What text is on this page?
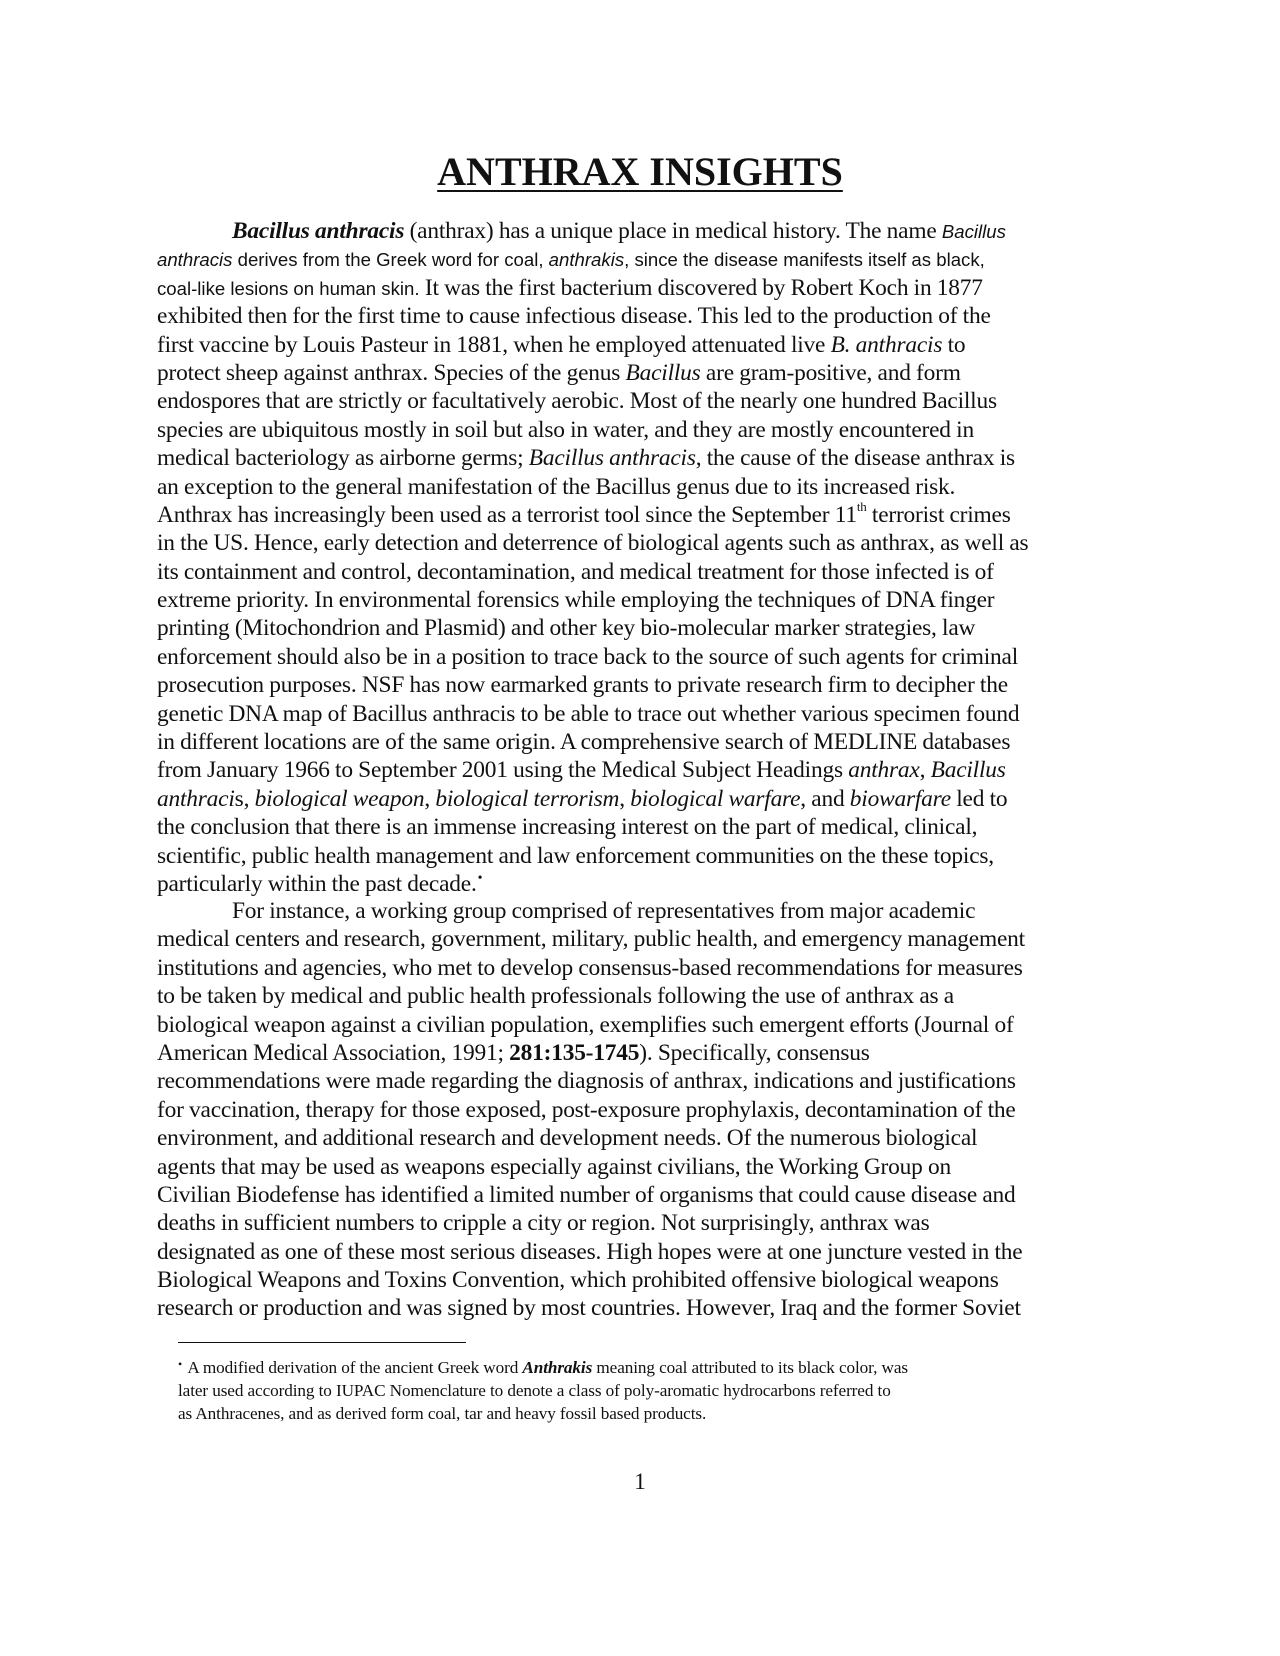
ANTHRAX INSIGHTS
Bacillus anthracis (anthrax) has a unique place in medical history. The name Bacillus
anthracis derives from the Greek word for coal, anthrakis, since the disease manifests itself as black,
coal-like lesions on human skin. It was the first bacterium discovered by Robert Koch in 1877
exhibited then for the first time to cause infectious disease. This led to the production of the
first vaccine by Louis Pasteur in 1881, when he employed attenuated live B. anthracis to
protect sheep against anthrax. Species of the genus Bacillus are gram-positive, and form
endospores that are strictly or facultatively aerobic. Most of the nearly one hundred Bacillus
species are ubiquitous mostly in soil but also in water, and they are mostly encountered in
medical bacteriology as airborne germs; Bacillus anthracis, the cause of the disease anthrax is
an exception to the general manifestation of the Bacillus genus due to its increased risk.
Anthrax has increasingly been used as a terrorist tool since the September 11th terrorist crimes
in the US. Hence, early detection and deterrence of biological agents such as anthrax, as well as
its containment and control, decontamination, and medical treatment for those infected is of
extreme priority. In environmental forensics while employing the techniques of DNA finger
printing (Mitochondrion and Plasmid) and other key bio-molecular marker strategies, law
enforcement should also be in a position to trace back to the source of such agents for criminal
prosecution purposes. NSF has now earmarked grants to private research firm to decipher the
genetic DNA map of Bacillus anthracis to be able to trace out whether various specimen found
in different locations are of the same origin. A comprehensive search of MEDLINE databases
from January 1966 to September 2001 using the Medical Subject Headings anthrax, Bacillus
anthracis, biological weapon, biological terrorism, biological warfare, and biowarfare led to
the conclusion that there is an immense increasing interest on the part of medical, clinical,
scientific, public health management and law enforcement communities on the these topics,
particularly within the past decade.•
For instance, a working group comprised of representatives from major academic
medical centers and research, government, military, public health, and emergency management
institutions and agencies, who met to develop consensus-based recommendations for measures
to be taken by medical and public health professionals following the use of anthrax as a
biological weapon against a civilian population, exemplifies such emergent efforts (Journal of
American Medical Association, 1991; 281:135-1745). Specifically, consensus
recommendations were made regarding the diagnosis of anthrax, indications and justifications
for vaccination, therapy for those exposed, post-exposure prophylaxis, decontamination of the
environment, and additional research and development needs. Of the numerous biological
agents that may be used as weapons especially against civilians, the Working Group on
Civilian Biodefense has identified a limited number of organisms that could cause disease and
deaths in sufficient numbers to cripple a city or region. Not surprisingly, anthrax was
designated as one of these most serious diseases. High hopes were at one juncture vested in the
Biological Weapons and Toxins Convention, which prohibited offensive biological weapons
research or production and was signed by most countries. However, Iraq and the former Soviet
• A modified derivation of the ancient Greek word Anthrakis meaning coal attributed to its black color, was
later used according to IUPAC Nomenclature to denote a class of poly-aromatic hydrocarbons referred to
as Anthracenes, and as derived form coal, tar and heavy fossil based products.
1
